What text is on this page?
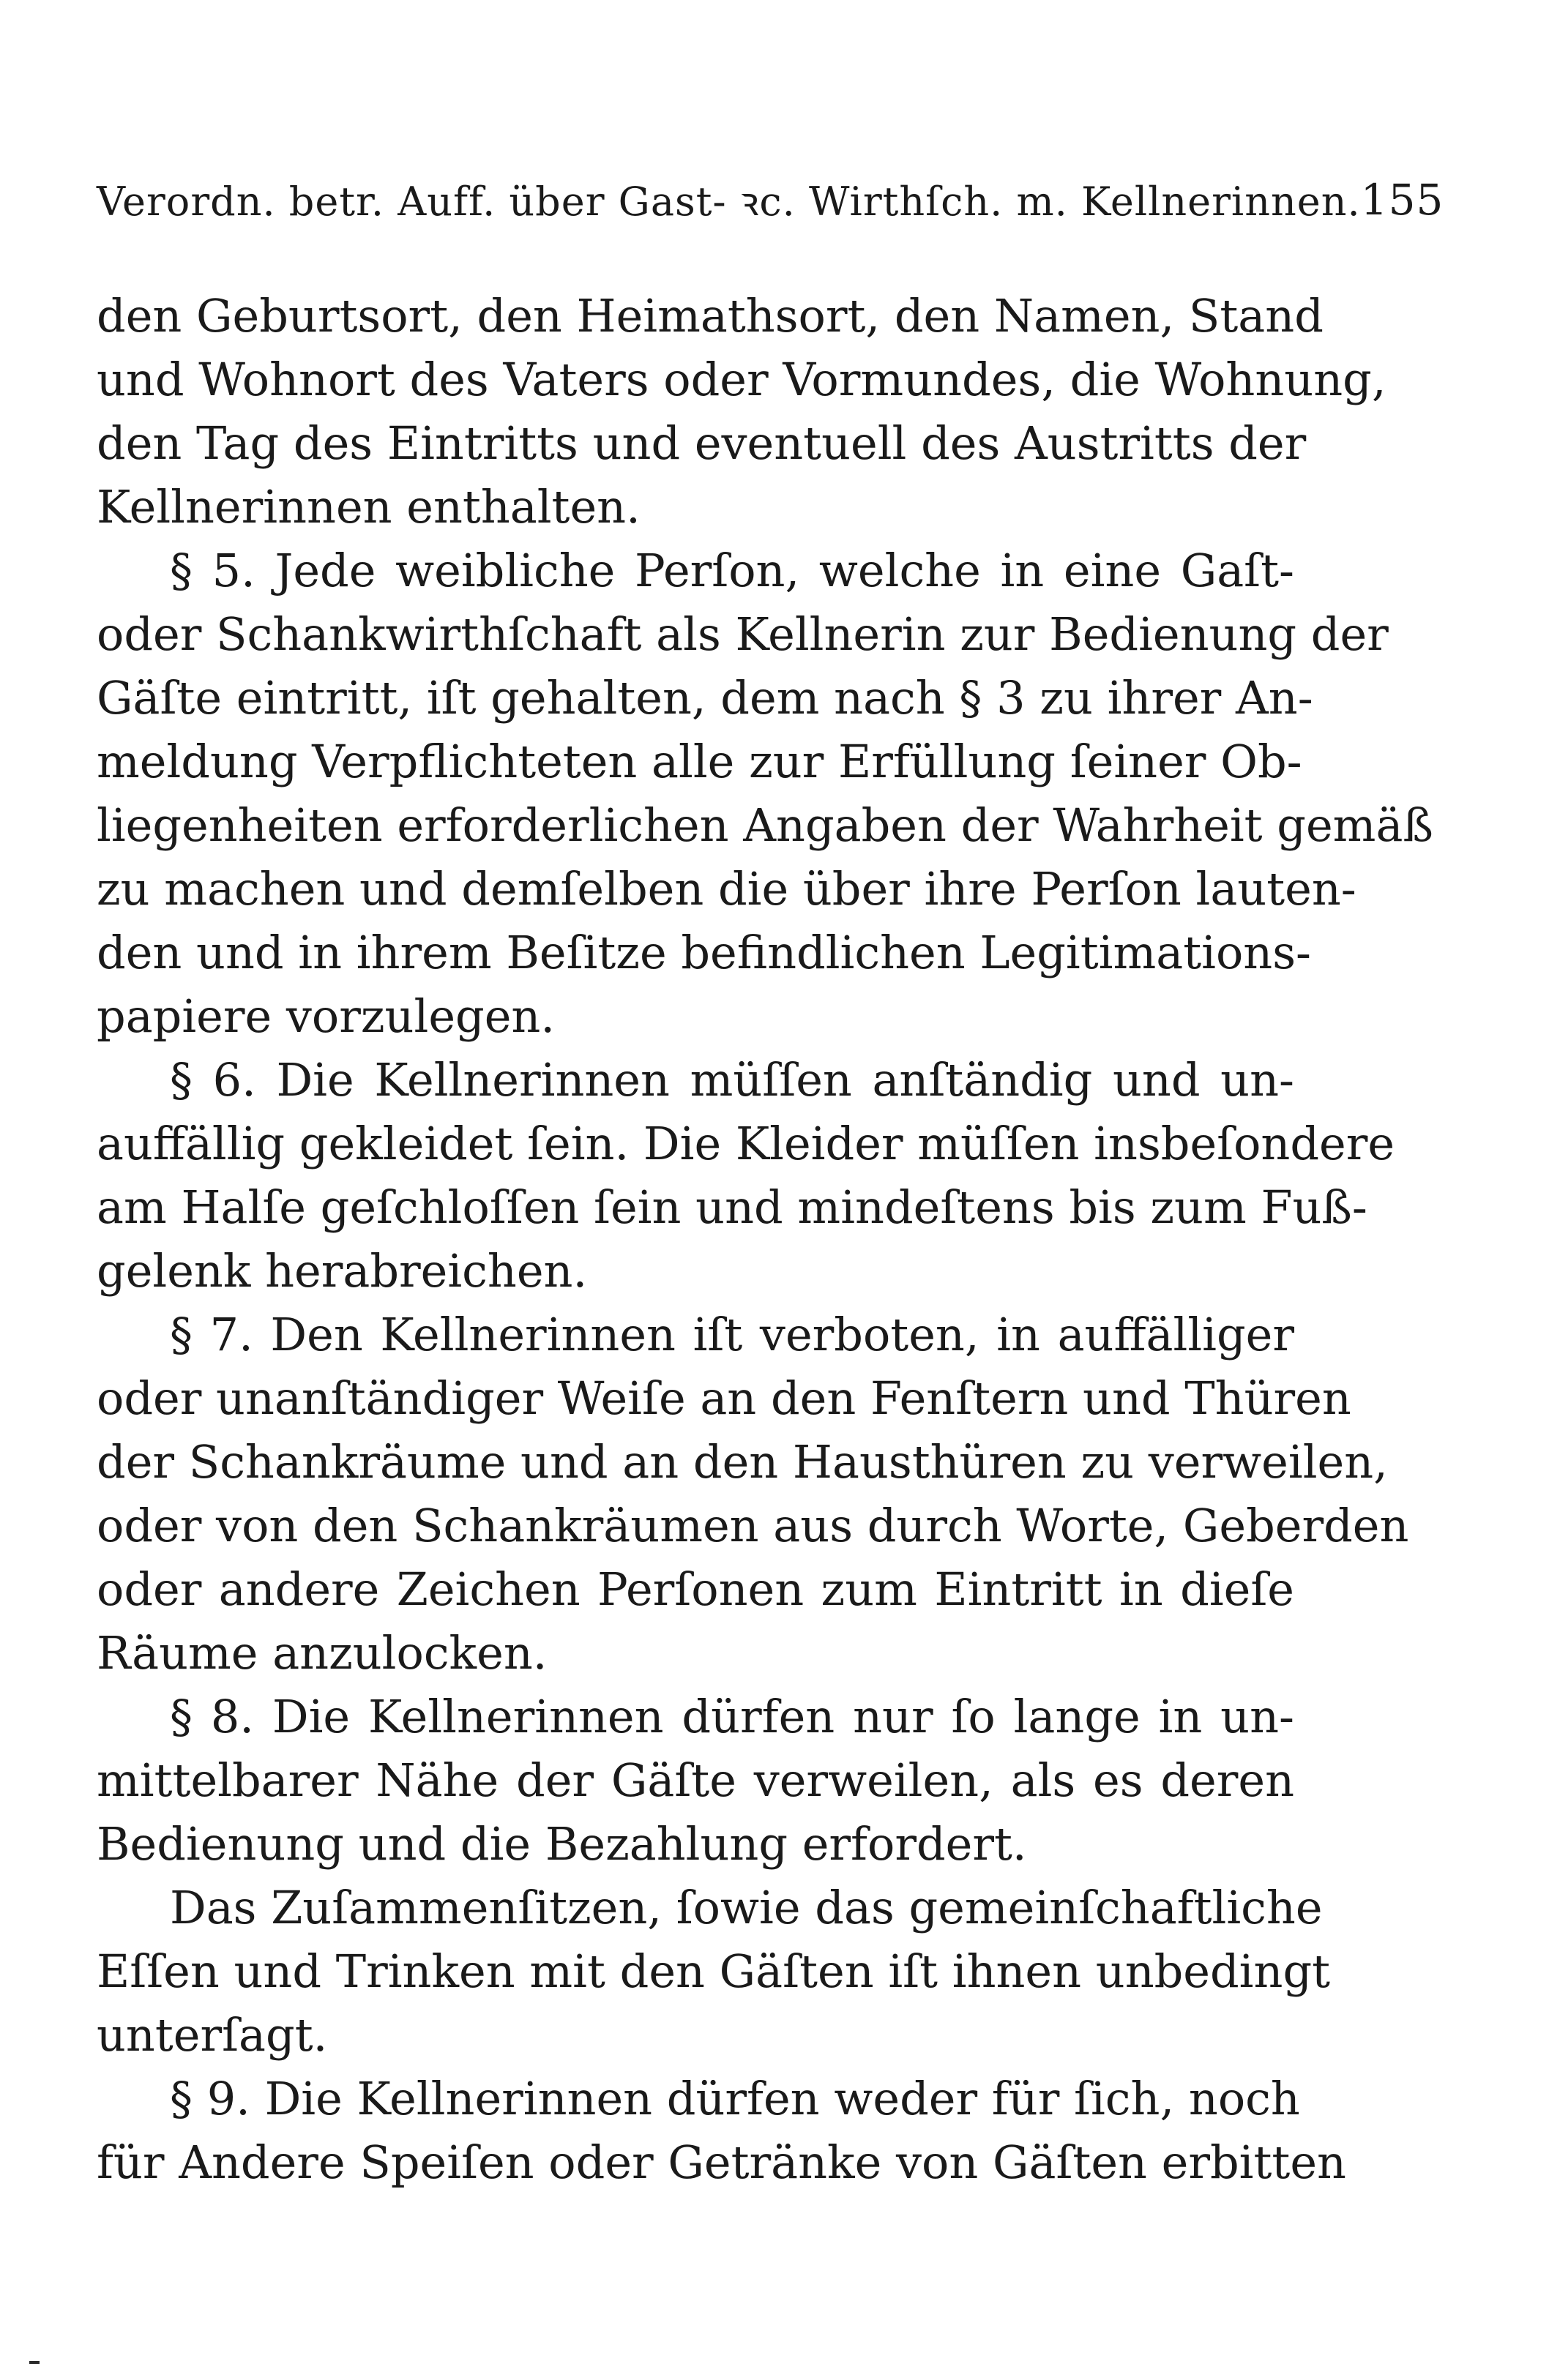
Verordn. betr. Auff. über Gast- ꝛc. Wirthſch. m. Kellnerinnen. 155
den Geburtsort, den Heimathsort, den Namen, Stand
und Wohnort des Vaters oder Vormundes, die Wohnung,
den Tag des Eintritts und eventuell des Austritts der
Kellnerinnen enthalten.
§ 5. Jede weibliche Perſon, welche in eine Gaſt-
oder Schankwirthſchaft als Kellnerin zur Bedienung der
Gäſte eintritt, iſt gehalten, dem nach § 3 zu ihrer An-
meldung Verpflichteten alle zur Erfüllung ſeiner Ob-
liegenheiten erforderlichen Angaben der Wahrheit gemäß
zu machen und demſelben die über ihre Perſon lauten-
den und in ihrem Beſitze befindlichen Legitimations-
papiere vorzulegen.
§ 6. Die Kellnerinnen müſſen anſtändig und un-
auffällig gekleidet ſein. Die Kleider müſſen insbeſondere
am Halſe geſchloſſen ſein und mindeſtens bis zum Fuß-
gelenk herabreichen.
§ 7. Den Kellnerinnen iſt verboten, in auffälliger
oder unanſtändiger Weiſe an den Fenſtern und Thüren
der Schankräume und an den Hausthüren zu verweilen,
oder von den Schankräumen aus durch Worte, Geberden
oder andere Zeichen Perſonen zum Eintritt in dieſe
Räume anzulocken.
§ 8. Die Kellnerinnen dürfen nur ſo lange in un-
mittelbarer Nähe der Gäſte verweilen, als es deren
Bedienung und die Bezahlung erfordert.
Das Zuſammenſitzen, ſowie das gemeinſchaftliche
Eſſen und Trinken mit den Gäſten iſt ihnen unbedingt
unterſagt.
§ 9. Die Kellnerinnen dürfen weder für ſich, noch
für Andere Speiſen oder Getränke von Gäſten erbitten
